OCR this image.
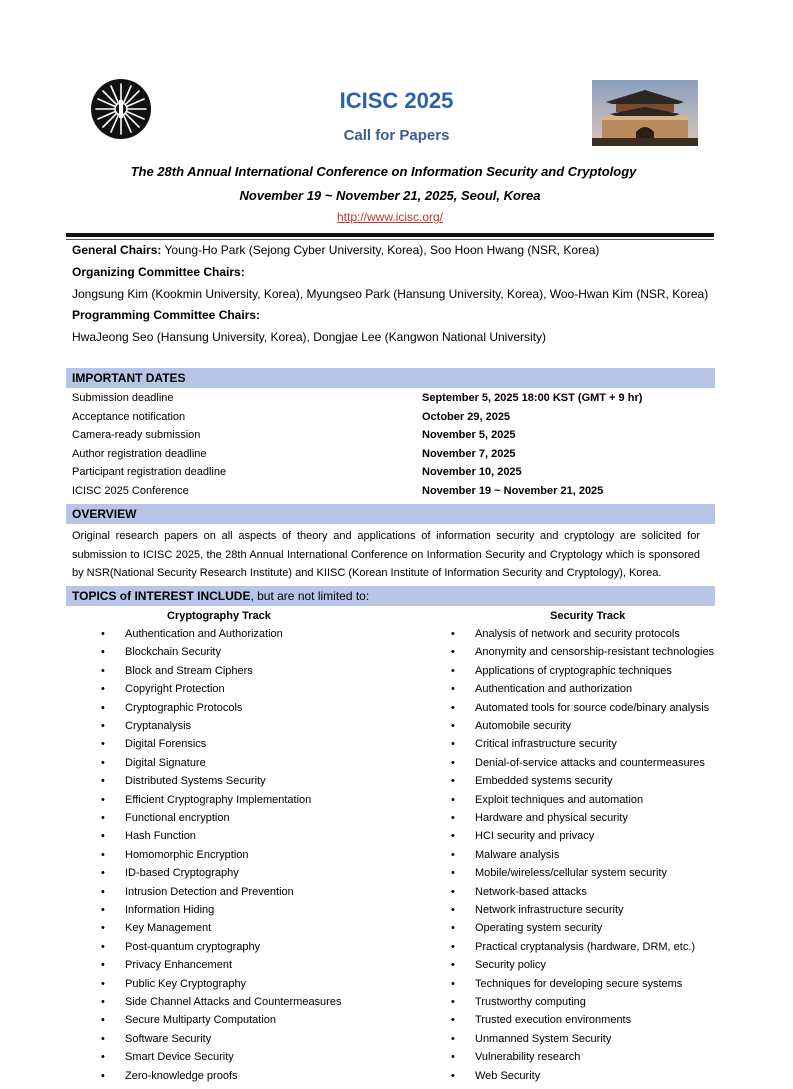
ICISC 2025
Call for Papers
The 28th Annual International Conference on Information Security and Cryptology
November 19 ~ November 21, 2025, Seoul, Korea
http://www.icisc.org/
General Chairs: Young-Ho Park (Sejong Cyber University, Korea), Soo Hoon Hwang (NSR, Korea)
Organizing Committee Chairs:
Jongsung Kim (Kookmin University, Korea), Myungseo Park (Hansung University, Korea), Woo-Hwan Kim (NSR, Korea)
Programming Committee Chairs:
HwaJeong Seo (Hansung University, Korea), Dongjae Lee (Kangwon National University)
IMPORTANT DATES
Submission deadline	September 5, 2025 18:00 KST (GMT + 9 hr)
Acceptance notification	October 29, 2025
Camera-ready submission	November 5, 2025
Author registration deadline	November 7, 2025
Participant registration deadline	November 10, 2025
ICISC 2025 Conference	November 19 ~ November 21, 2025
OVERVIEW
Original research papers on all aspects of theory and applications of information security and cryptology are solicited for submission to ICISC 2025, the 28th Annual International Conference on Information Security and Cryptology which is sponsored by NSR(National Security Research Institute) and KIISC (Korean Institute of Information Security and Cryptology), Korea.
TOPICS of INTEREST INCLUDE, but are not limited to:
Cryptography Track	Security Track
• Authentication and Authorization
• Blockchain Security
• Block and Stream Ciphers
• Copyright Protection
• Cryptographic Protocols
• Cryptanalysis
• Digital Forensics
• Digital Signature
• Distributed Systems Security
• Efficient Cryptography Implementation
• Functional encryption
• Hash Function
• Homomorphic Encryption
• ID-based Cryptography
• Intrusion Detection and Prevention
• Information Hiding
• Key Management
• Post-quantum cryptography
• Privacy Enhancement
• Public Key Cryptography
• Side Channel Attacks and Countermeasures
• Secure Multiparty Computation
• Software Security
• Smart Device Security
• Zero-knowledge proofs
• Analysis of network and security protocols
• Anonymity and censorship-resistant technologies
• Applications of cryptographic techniques
• Authentication and authorization
• Automated tools for source code/binary analysis
• Automobile security
• Critical infrastructure security
• Denial-of-service attacks and countermeasures
• Embedded systems security
• Exploit techniques and automation
• Hardware and physical security
• HCI security and privacy
• Malware analysis
• Mobile/wireless/cellular system security
• Network-based attacks
• Network infrastructure security
• Operating system security
• Practical cryptanalysis (hardware, DRM, etc.)
• Security policy
• Techniques for developing secure systems
• Trustworthy computing
• Trusted execution environments
• Unmanned System Security
• Vulnerability research
• Web Security
